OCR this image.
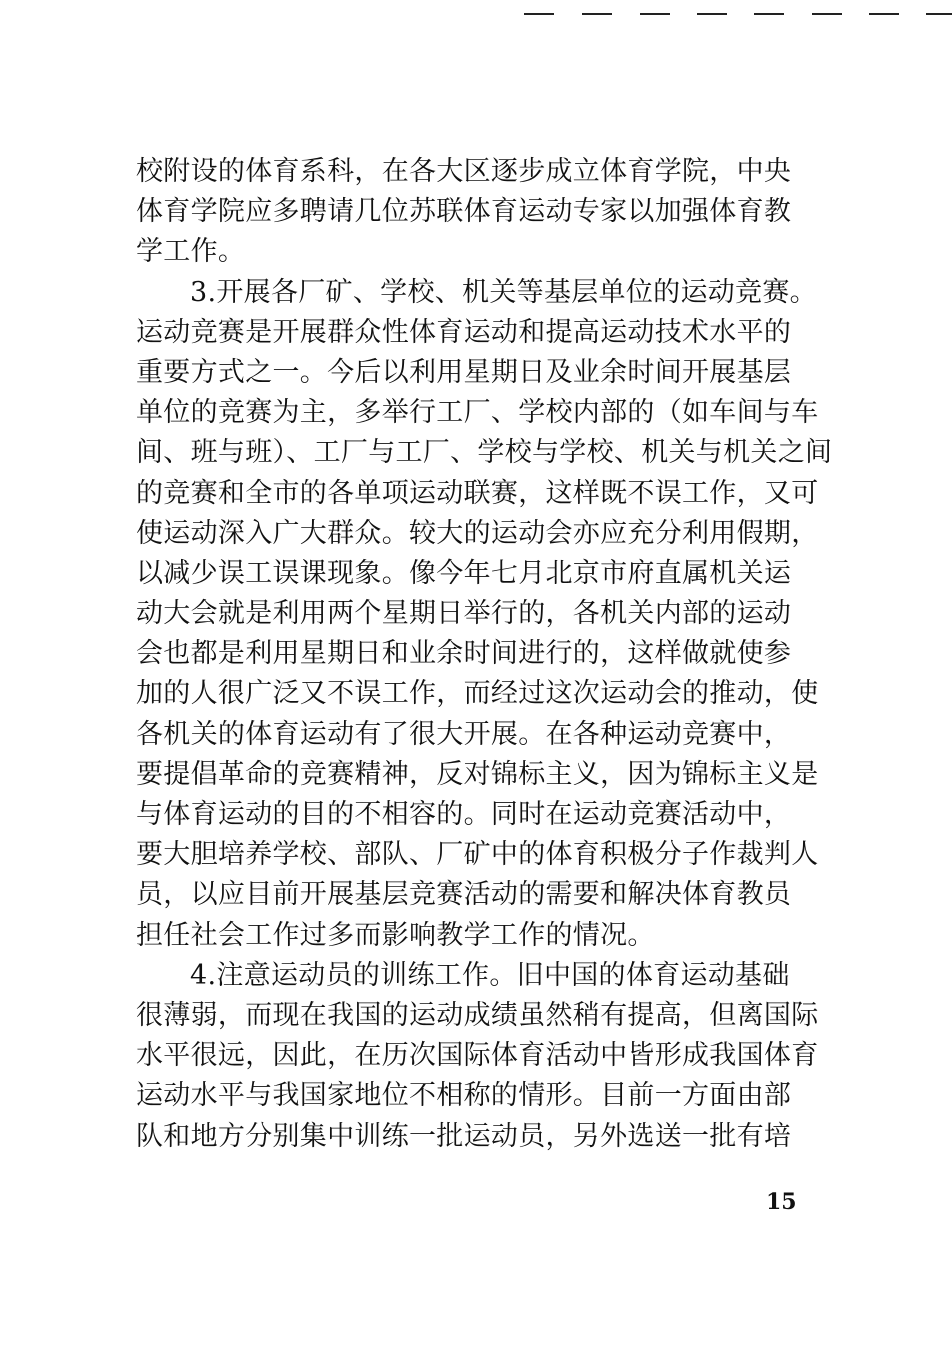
校附设的体育系科，在各大区逐步成立体育学院，中央
体育学院应多聘请几位苏联体育运动专家以加强体育教
学工作。
3.开展各厂矿、学校、机关等基层单位的运动竞赛。
运动竞赛是开展群众性体育运动和提高运动技术水平的
重要方式之一。今后以利用星期日及业余时间开展基层
单位的竞赛为主，多举行工厂、学校内部的（如车间与车
间、班与班）、工厂与工厂、学校与学校、机关与机关之间
的竞赛和全市的各单项运动联赛，这样既不误工作，又可
使运动深入广大群众。较大的运动会亦应充分利用假期，
以减少误工误课现象。像今年七月北京市府直属机关运
动大会就是利用两个星期日举行的，各机关内部的运动
会也都是利用星期日和业余时间进行的，这样做就使参
加的人很广泛又不误工作，而经过这次运动会的推动，使
各机关的体育运动有了很大开展。在各种运动竞赛中，
要提倡革命的竞赛精神，反对锦标主义，因为锦标主义是
与体育运动的目的不相容的。同时在运动竞赛活动中，
要大胆培养学校、部队、厂矿中的体育积极分子作裁判人
员，以应目前开展基层竞赛活动的需要和解决体育教员
担任社会工作过多而影响教学工作的情况。
4.注意运动员的训练工作。旧中国的体育运动基础
很薄弱，而现在我国的运动成绩虽然稍有提高，但离国际
水平很远，因此，在历次国际体育活动中皆形成我国体育
运动水平与我国家地位不相称的情形。目前一方面由部
队和地方分别集中训练一批运动员，另外选送一批有培
15
